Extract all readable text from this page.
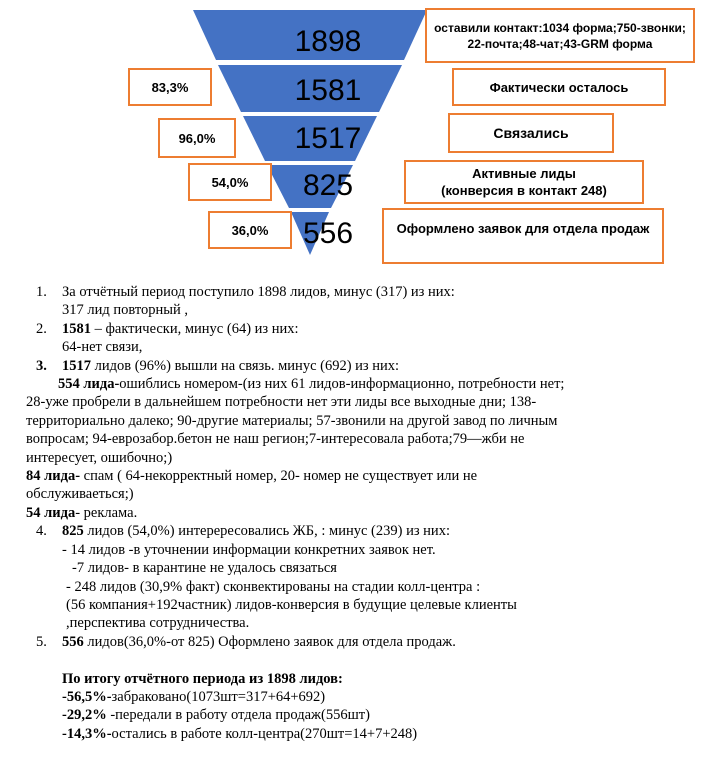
1898
1581
1517
825
556
83,3%
96,0%
54,0%
36,0%
оставили контакт:1034 форма;750-звонки;
22-почта;48-чат;43-GRM форма
Фактически осталось
Связались
Активные лиды
(конверсия в контакт 248)
Оформлено заявок для отдела продаж

1. За отчётный период поступило 1898 лидов, минус (317) из них:

317 лид повторный ,

2. 1581 – фактически, минус (64) из них:

64-нет связи,

3. 1517 лидов (96%) вышли на связь. минус (692) из них:

554 лида-ошиблись номером-(из них 61 лидов-информационно, потребности нет;

28-уже пробрели в дальнейшем потребности нет эти лиды все выходные дни; 138-

территориально далеко; 90-другие материалы; 57-звонили на другой завод по личным

вопросам; 94-еврозабор.бетон не наш регион;7-интересовала работа;79—жби не

интересует, ошибочно;)

84 лида- спам ( 64-некорректный номер, 20- номер не существует или не

обслуживаеться;)

54 лида- реклама.

4. 825 лидов (54,0%) интерересовались ЖБ, : минус (239) из них:

- 14 лидов -в уточнении информации конкретних заявок нет.

-7 лидов- в карантине не удалось связаться

- 248 лидов (30,9% факт) сконвектированы на стадии колл-центра :

(56 компания+192частник) лидов-конверсия в будущие целевые клиенты

,перспектива сотрудничества.

5. 556 лидов(36,0%-от 825) Оформлено заявок для отдела продаж.

По итогу отчётного периода из 1898 лидов:

-56,5%-забраковано(1073шт=317+64+692)

-29,2% -передали в работу отдела продаж(556шт)

-14,3%-остались в работе колл-центра(270шт=14+7+248)
